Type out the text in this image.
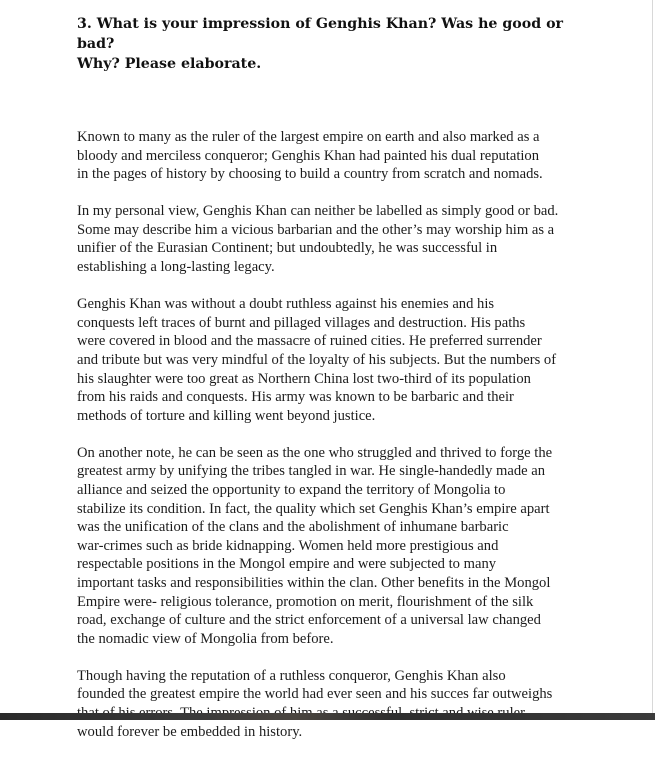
3. What is your impression of Genghis Khan? Was he good or bad?
Why? Please elaborate.

Known to many as the ruler of the largest empire on earth and also marked as a
bloody and merciless conqueror; Genghis Khan had painted his dual reputation
in the pages of history by choosing to build a country from scratch and nomads.

In my personal view, Genghis Khan can neither be labelled as simply good or bad.
Some may describe him a vicious barbarian and the other’s may worship him as a
unifier of the Eurasian Continent; but undoubtedly, he was successful in
establishing a long-lasting legacy.

Genghis Khan was without a doubt ruthless against his enemies and his
conquests left traces of burnt and pillaged villages and destruction. His paths
were covered in blood and the massacre of ruined cities. He preferred surrender
and tribute but was very mindful of the loyalty of his subjects. But the numbers of
his slaughter were too great as Northern China lost two-third of its population
from his raids and conquests. His army was known to be barbaric and their
methods of torture and killing went beyond justice.

On another note, he can be seen as the one who struggled and thrived to forge the
greatest army by unifying the tribes tangled in war. He single-handedly made an
alliance and seized the opportunity to expand the territory of Mongolia to
stabilize its condition. In fact, the quality which set Genghis Khan’s empire apart
was the unification of the clans and the abolishment of inhumane barbaric
war-crimes such as bride kidnapping. Women held more prestigious and
respectable positions in the Mongol empire and were subjected to many
important tasks and responsibilities within the clan. Other benefits in the Mongol
Empire were- religious tolerance, promotion on merit, flourishment of the silk
road, exchange of culture and the strict enforcement of a universal law changed
the nomadic view of Mongolia from before.

Though having the reputation of a ruthless conqueror, Genghis Khan also
founded the greatest empire the world had ever seen and his succes far outweighs
would forever be embedded in history.
